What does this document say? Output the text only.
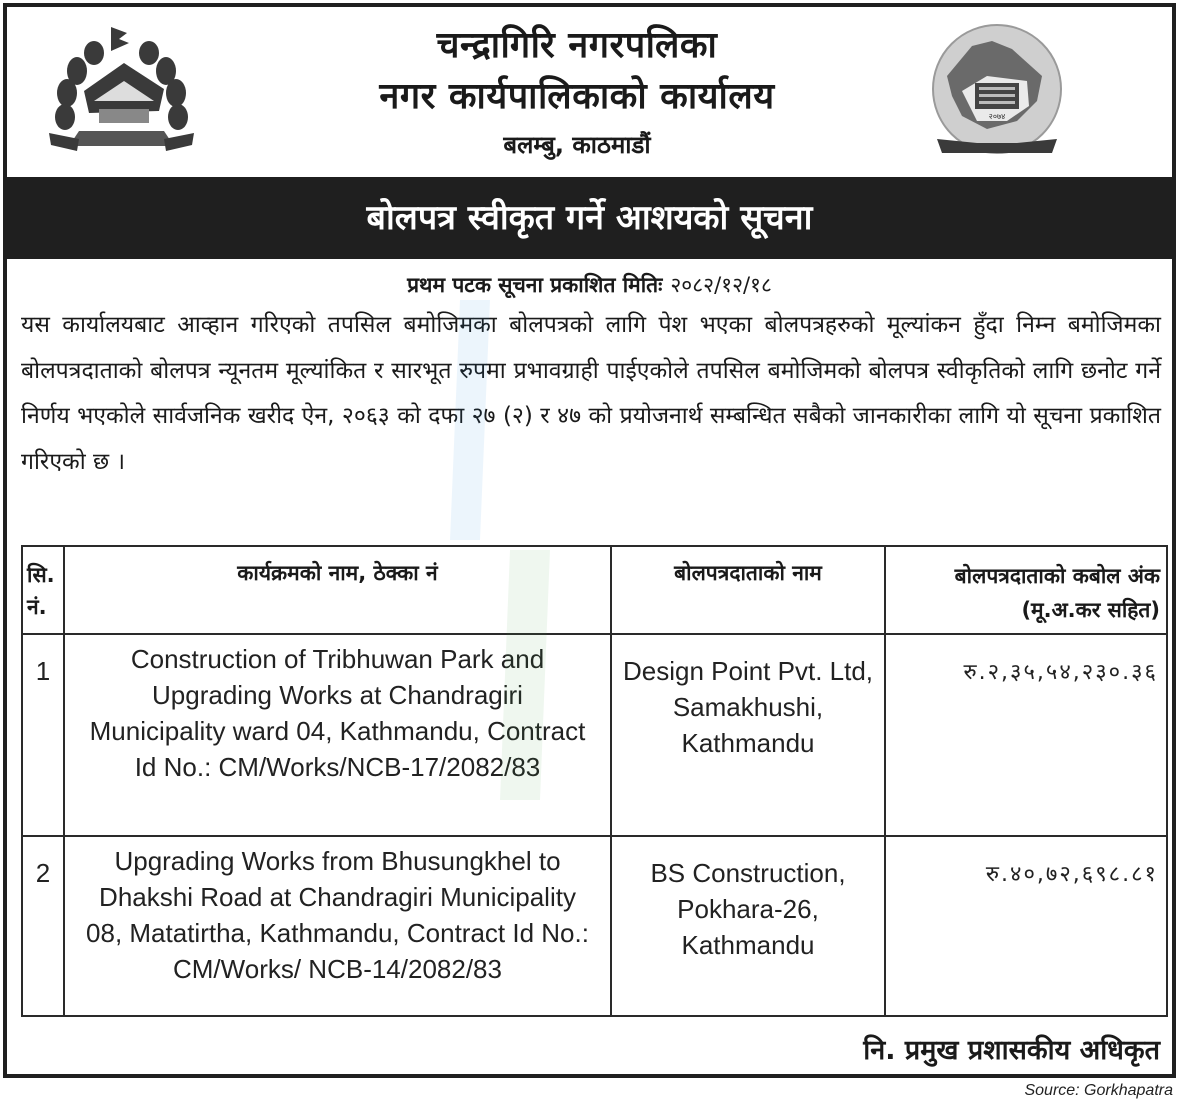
चन्द्रागिरि नगरपलिका
नगर कार्यपालिकाको कार्यालय
बलम्बु, काठमाडौं
२०७४
बोलपत्र स्वीकृत गर्ने आशयको सूचना
प्रथम पटक सूचना प्रकाशित मितिः २०८२/१२/१८

यस कार्यालयबाट आव्हान गरिएको तपसिल बमोजिमका बोलपत्रको लागि पेश भएका बोलपत्रहरुको मूल्यांकन हुँदा निम्न बमोजिमका बोलपत्रदाताको बोलपत्र न्यूनतम मूल्यांकित र सारभूत रुपमा प्रभावग्राही पाईएकोले तपसिल बमोजिमको बोलपत्र स्वीकृतिको लागि छनोट गर्ने निर्णय भएकोले सार्वजनिक खरीद ऐन, २०६३ को दफा २७ (२) र ४७ को प्रयोजनार्थ सम्बन्धित सबैको जानकारीका लागि यो सूचना प्रकाशित गरिएको छ ।

सि. नं.	कार्यक्रमको नाम, ठेक्का नं	बोलपत्रदाताको नाम	बोलपत्रदाताको कबोल अंक (मू.अ.कर सहित)
1	Construction of Tribhuwan Park and Upgrading Works at Chandragiri Municipality ward 04, Kathmandu, Contract Id No.: CM/Works/NCB-17/2082/83	Design Point Pvt. Ltd, Samakhushi, Kathmandu	रु.२,३५,५४,२३०.३६
2	Upgrading Works from Bhusungkhel to Dhakshi Road at Chandragiri Municipality 08, Matatirtha, Kathmandu, Contract Id No.: CM/Works/ NCB-14/2082/83	BS Construction, Pokhara-26, Kathmandu	रु.४०,७२,६९८.८१
नि. प्रमुख प्रशासकीय अधिकृत
Source: Gorkhapatra
